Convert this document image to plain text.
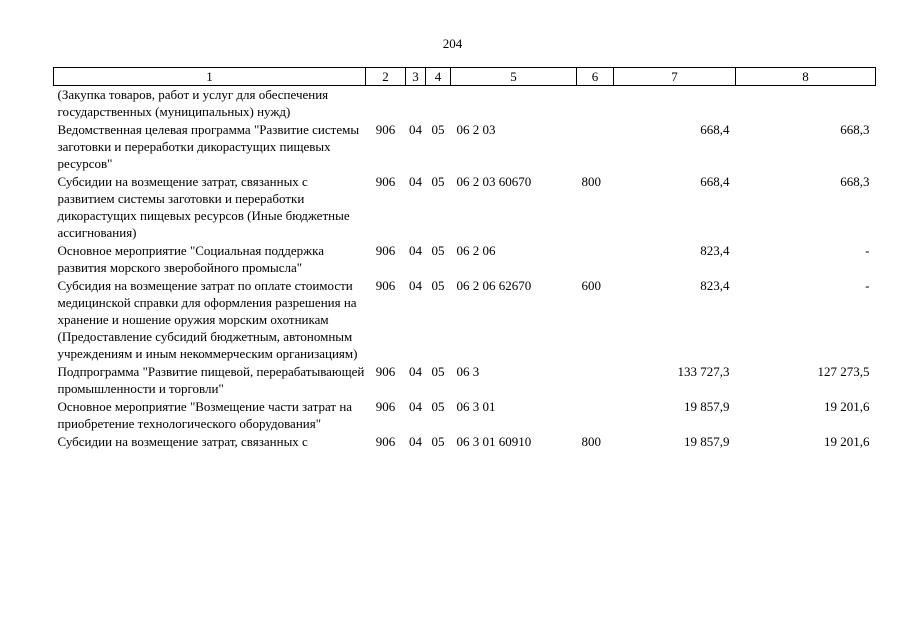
204
1	2	3	4	5	6	7	8
(Закупка товаров, работ и услуг для обеспечения государственных (муниципальных) нужд)							
Ведомственная целевая программа "Развитие системы заготовки и переработки дикорастущих пищевых ресурсов"	906	04	05	06 2 03		668,4	668,3
Субсидии на возмещение затрат, связанных с развитием системы заготовки и переработки дикорастущих пищевых ресурсов (Иные бюджетные ассигнования)	906	04	05	06 2 03 60670	800	668,4	668,3
Основное мероприятие "Социальная поддержка развития морского зверобойного промысла"	906	04	05	06 2 06		823,4	-
Субсидия на возмещение затрат по оплате стоимости медицинской справки для оформления разрешения на хранение и ношение оружия морским охотникам (Предоставление субсидий бюджетным, автономным учреждениям и иным некоммерческим организациям)	906	04	05	06 2 06 62670	600	823,4	-
Подпрограмма "Развитие пищевой, перерабатывающей промышленности и торговли"	906	04	05	06 3		133 727,3	127 273,5
Основное мероприятие "Возмещение части затрат на приобретение технологического оборудования"	906	04	05	06 3 01		19 857,9	19 201,6
Субсидии на возмещение затрат, связанных с	906	04	05	06 3 01 60910	800	19 857,9	19 201,6
